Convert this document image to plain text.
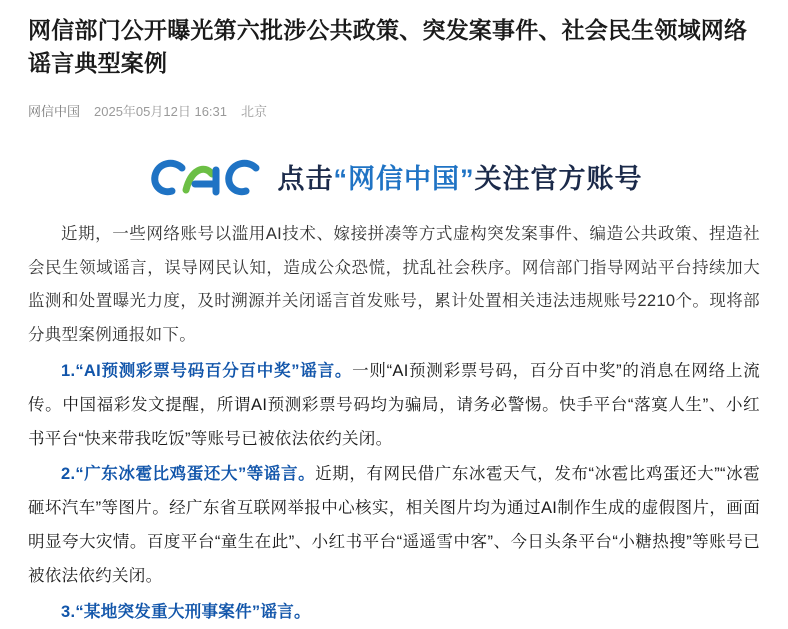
网信部门公开曝光第六批涉公共政策、突发案事件、社会民生领域网络谣言典型案例
网信中国 2025年05月12日 16:31 北京
点击“网信中国”关注官方账号

近期，一些网络账号以滥用AI技术、嫁接拼凑等方式虚构突发案事件、编造公共政策、捏造社会民生领域谣言，误导网民认知，造成公众恐慌，扰乱社会秩序。网信部门指导网站平台持续加大监测和处置曝光力度，及时溯源并关闭谣言首发账号，累计处置相关违法违规账号2210个。现将部分典型案例通报如下。

1.“AI预测彩票号码百分百中奖”谣言。一则“AI预测彩票号码，百分百中奖”的消息在网络上流传。中国福彩发文提醒，所谓AI预测彩票号码均为骗局，请务必警惕。快手平台“落寞人生”、小红书平台“快来带我吃饭”等账号已被依法依约关闭。

2.“广东冰雹比鸡蛋还大”等谣言。近期，有网民借广东冰雹天气，发布“冰雹比鸡蛋还大”“冰雹砸坏汽车”等图片。经广东省互联网举报中心核实，相关图片均为通过AI制作生成的虚假图片，画面明显夸大灾情。百度平台“童生在此”、小红书平台“遥遥雪中客”、今日头条平台“小糖热搜”等账号已被依法依约关闭。

3.“某地突发重大刑事案件”谣言。
